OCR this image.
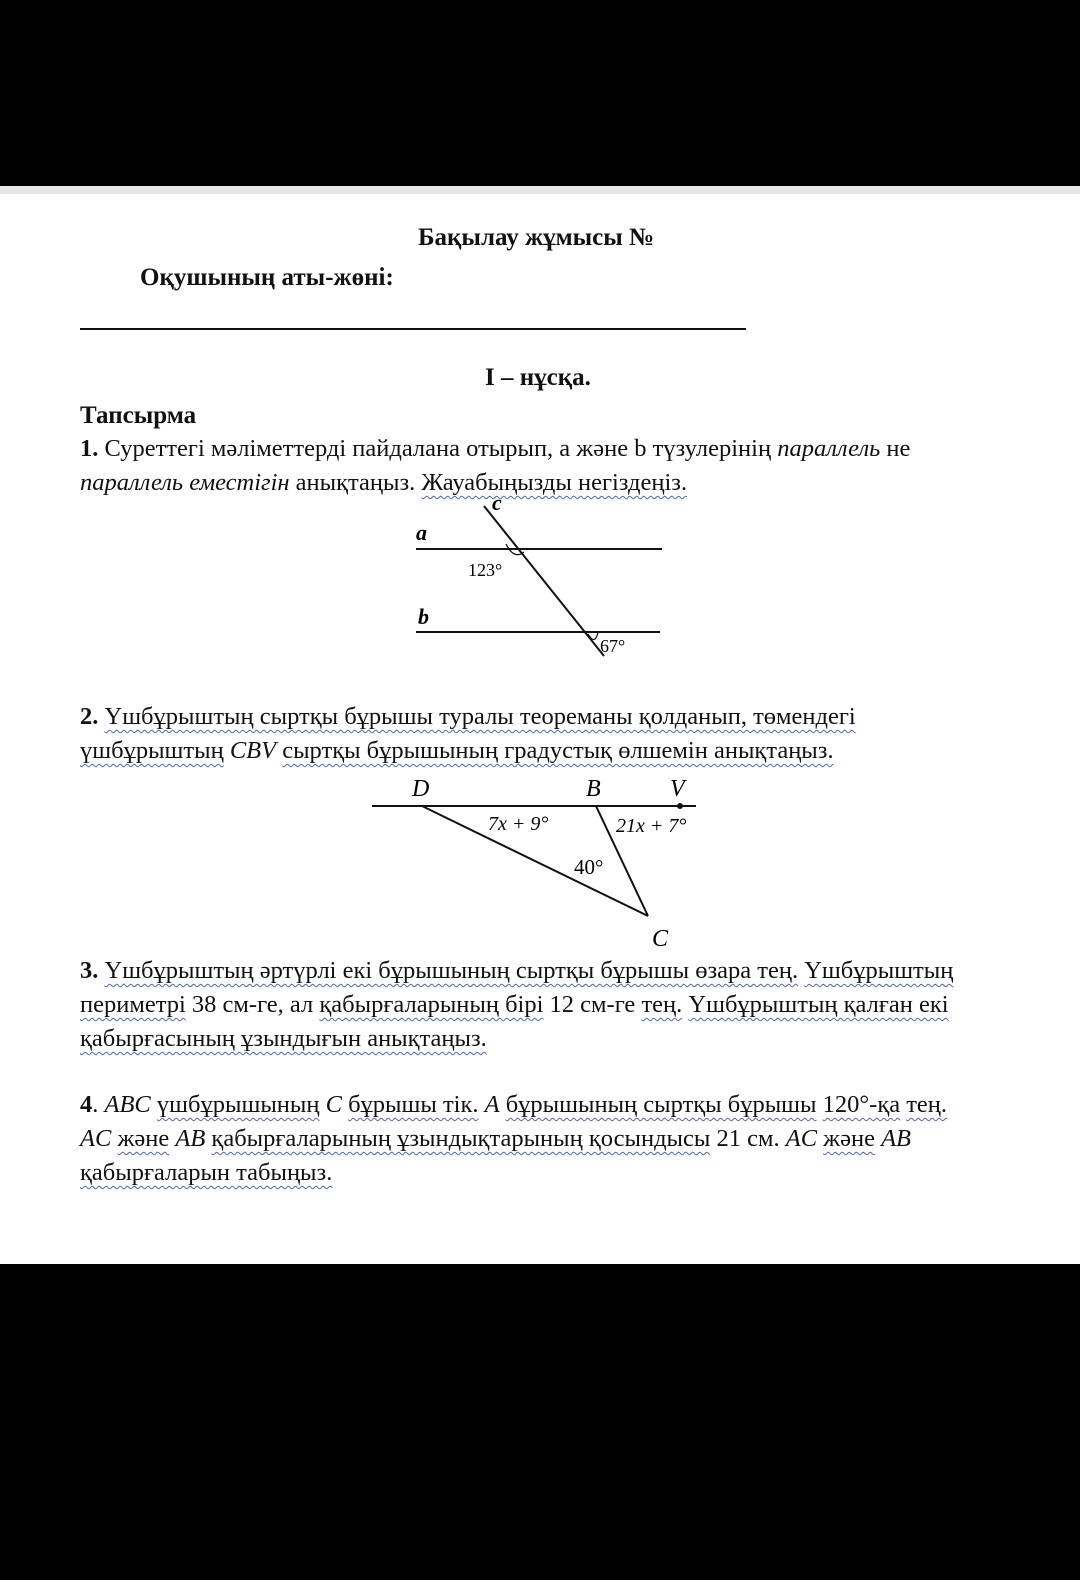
Бақылау жұмысы №
Оқушының аты-жөні:
I – нұсқа.
Тапсырма
1. Суреттегі мәліметтерді пайдалана отырып, а және b түзулерінің параллель не
параллель еместігін анықтаңыз. Жауабыңызды негіздеңіз.
a
b
c
123°
67°
2. Үшбұрыштың сыртқы бұрышы туралы теореманы қолданып, төмендегі
үшбұрыштың CBV сыртқы бұрышының градустық өлшемін анықтаңыз.
D	B	V
C
7x + 9°	21x + 7°
40°
3. Үшбұрыштың әртүрлі екі бұрышының сыртқы бұрышы өзара тең. Үшбұрыштың
периметрі 38 см-ге, ал қабырғаларының бірі 12 см-ге тең. Үшбұрыштың қалған екі
қабырғасының ұзындығын анықтаңыз.
4. ABC үшбұрышының C бұрышы тік. A бұрышының сыртқы бұрышы 120°-қа тең.
AC және AB қабырғаларының ұзындықтарының қосындысы 21 см. AC және AB
қабырғаларын табыңыз.
